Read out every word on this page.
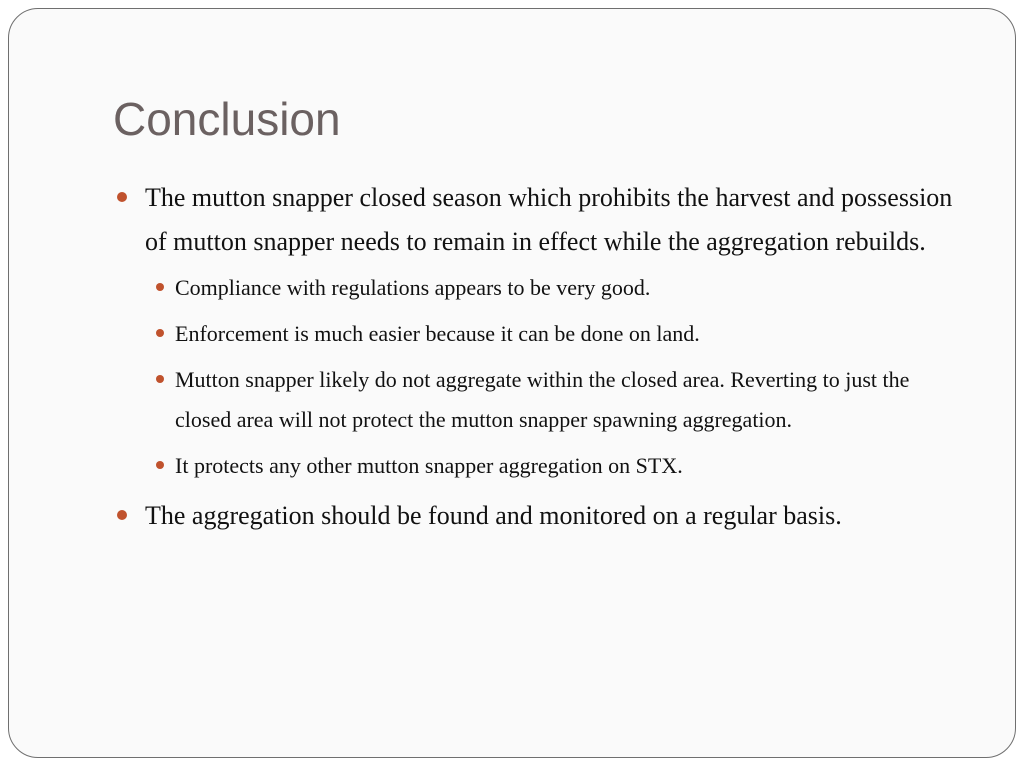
Conclusion
The mutton snapper closed season which prohibits the harvest and possession of mutton snapper needs to remain in effect while the aggregation rebuilds.
Compliance with regulations appears to be very good.
Enforcement is much easier because it can be done on land.
Mutton snapper likely do not aggregate within the closed area. Reverting to just the closed area will not protect the mutton snapper spawning aggregation.
It protects any other mutton snapper aggregation on STX.
The aggregation should be found and monitored on a regular basis.
